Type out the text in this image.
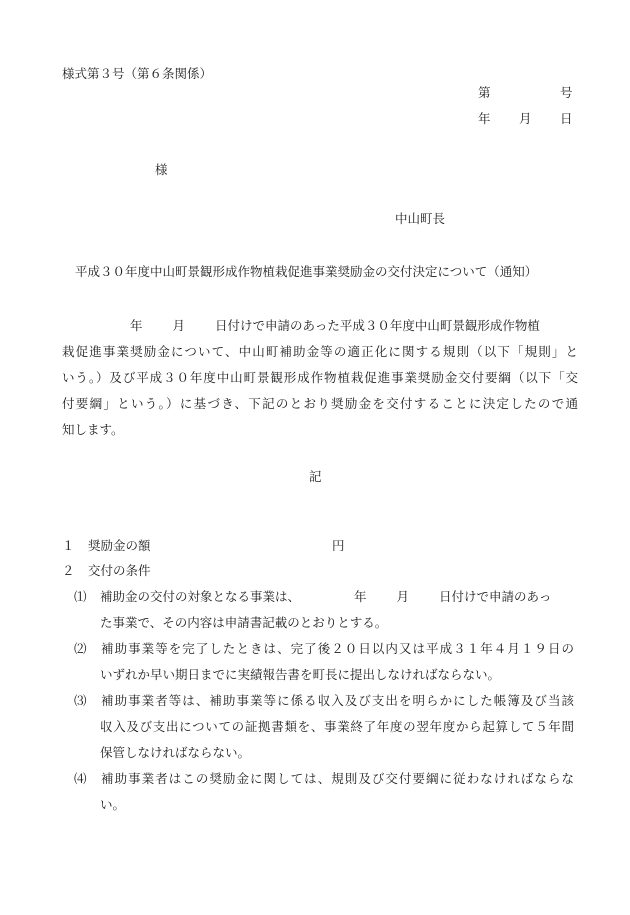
様式第３号（第６条関係）
第	号
年 月 日
様
中山町長
平成３０年度中山町景観形成作物植栽促進事業奨励金の交付決定について（通知）
年 月 日付けで申請のあった平成３０年度中山町景観形成作物植
栽促進事業奨励金について、中山町補助金等の適正化に関する規則（以下「規則」と
いう。）及び平成３０年度中山町景観形成作物植栽促進事業奨励金交付要綱（以下「交
付要綱」という。）に基づき、下記のとおり奨励金を交付することに決定したので通
知します。
記
１ 奨励金の額	円
２ 交付の条件
⑴ 補助金の交付の対象となる事業は、	年 月 日付けで申請のあっ
た事業で、その内容は申請書記載のとおりとする。
⑵ 補助事業等を完了したときは、完了後２０日以内又は平成３１年４月１９日の
いずれか早い期日までに実績報告書を町長に提出しなければならない。
⑶ 補助事業者等は、補助事業等に係る収入及び支出を明らかにした帳簿及び当該
収入及び支出についての証拠書類を、事業終了年度の翌年度から起算して５年間
保管しなければならない。
⑷ 補助事業者はこの奨励金に関しては、規則及び交付要綱に従わなければならな
い。
